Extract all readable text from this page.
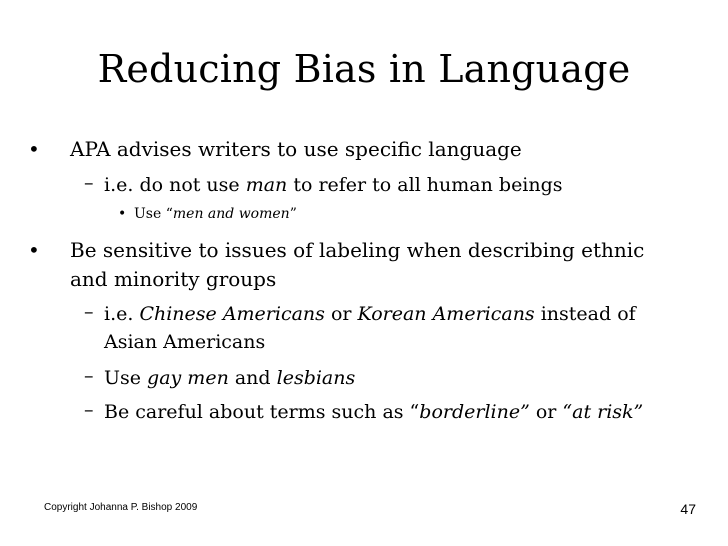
Reducing Bias in Language
• APA advises writers to use specific language
– i.e. do not use man to refer to all human beings
• Use “men and women”
• Be sensitive to issues of labeling when describing ethnic
and minority groups
– i.e. Chinese Americans or Korean Americans instead of
Asian Americans
– Use gay men and lesbians
– Be careful about terms such as “borderline” or “at risk”
Copyright Johanna P. Bishop 2009	47
